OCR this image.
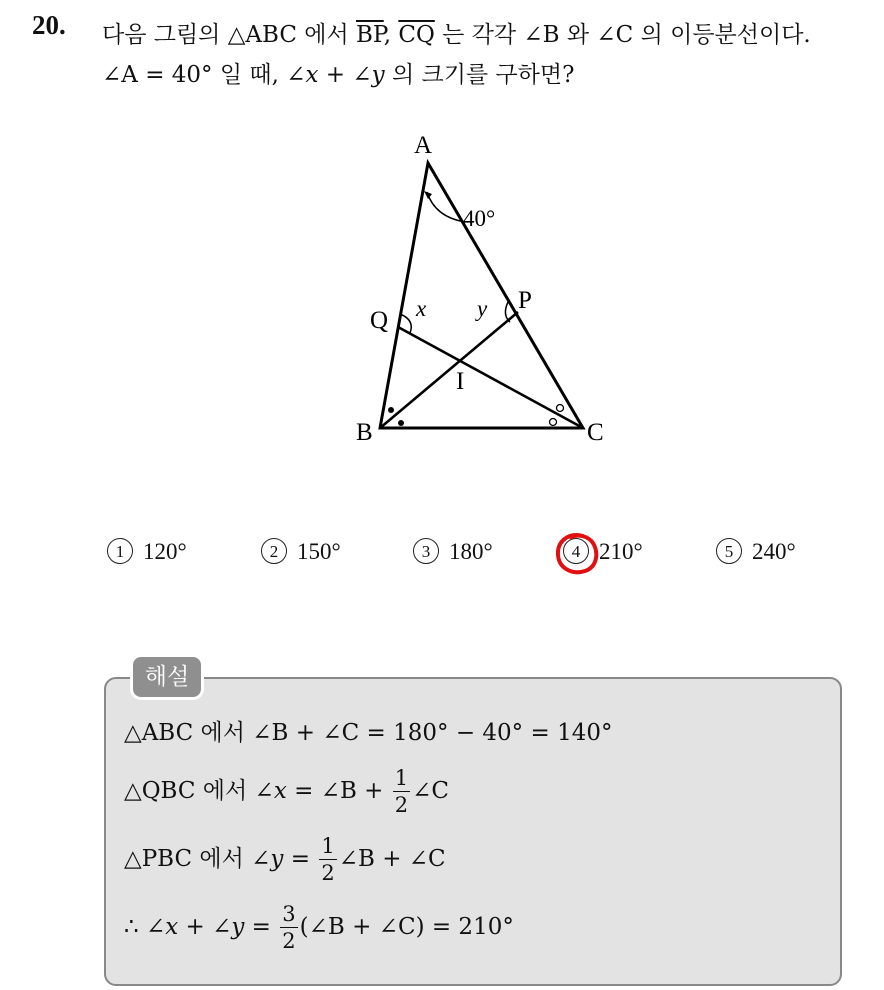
20. 다음 그림의 △ABC 에서 $\overline{BP}$, $\overline{CQ}$ 는 각각 ∠B 와 ∠C 의 이등분선이다.
∠A = 40° 일 때, ∠x + ∠y 의 크기를 구하면?
A
B	C
P
Q
I
x y
40°
1 120°	2 150°	3 180°	4 210°	5 240°
해설
△ABC 에서 ∠B + ∠C = 180° − 40° = 140°
△QBC 에서 ∠x = ∠B + $\frac{1}{2}$ ∠C
△PBC 에서 ∠y = $\frac{1}{2}$ ∠B + ∠C
∴ ∠x + ∠y = $\frac{3}{2}$ (∠B + ∠C) = 210°
